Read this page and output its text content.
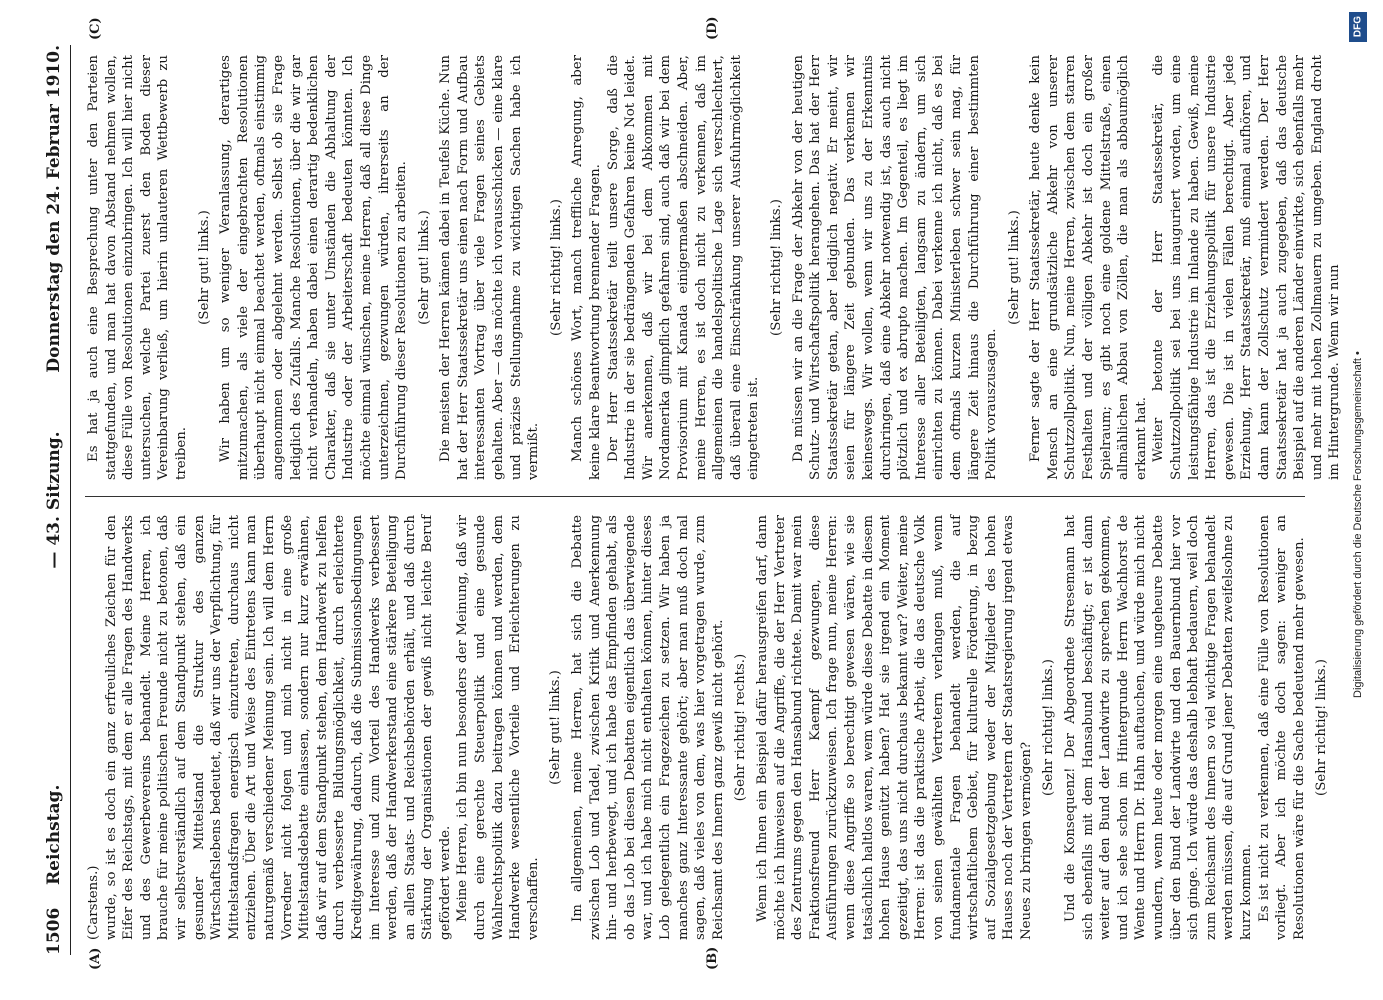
1506
Reichstag.
— 43. Sitzung.
Donnerstag den 24. Februar 1910.
(A)	(B)
(C)	(D)

(Carstens.) wurde, so ist es doch ein ganz erfreuliches Zeichen für den Eifer des Reichstags, mit dem er alle Fragen des Handwerks und des Gewerbevereins behandelt. Meine Herren, ich brauche für meine politischen Freunde nicht zu betonen, daß wir selbstverständlich auf dem Standpunkt stehen, daß ein gesunder Mittelstand die Struktur des ganzen Wirtschaftslebens bedeutet, daß wir uns der Verpflichtung, für Mittelstandsfragen energisch einzutreten, durchaus nicht entziehen. Über die Art und Weise des Eintretens kann man naturgemäß verschiedener Meinung sein. Ich will dem Herrn Vorredner nicht folgen und mich nicht in eine große Mittelstandsdebatte einlassen, sondern nur kurz erwähnen, daß wir auf dem Standpunkt stehen, dem Handwerk zu helfen durch verbesserte Bildungsmöglichkeit, durch erleichterte Kreditgewährung, dadurch, daß die Submissionsbedingungen im Interesse und zum Vorteil des Handwerks verbessert werden, daß der Handwerkerstand eine stärkere Beteiligung an allen Staats- und Reichsbehörden erhält, und daß durch Stärkung der Organisationen der gewiß nicht leichte Beruf gefördert werde. Meine Herren, ich bin nun besonders der Meinung, daß wir durch eine gerechte Steuerpolitik und eine gesunde Wahlrechtspolitik dazu beitragen können und werden, dem Handwerke wesentliche Vorteile und Erleichterungen zu verschaffen.

(Sehr gut! links.) Im allgemeinen, meine Herren, hat sich die Debatte zwischen Lob und Tadel, zwischen Kritik und Anerkennung hin- und herbewegt, und ich habe das Empfinden gehabt, als ob das Lob bei diesen Debatten eigentlich das überwiegende war, und ich habe mich nicht enthalten können, hinter dieses Lob gelegentlich ein Fragezeichen zu setzen. Wir haben ja manches ganz Interessante gehört; aber man muß doch mal sagen, daß vieles von dem, was hier vorgetragen wurde, zum Reichsamt des Innern ganz gewiß nicht gehört. (Sehr richtig! rechts.) Wenn ich Ihnen ein Beispiel dafür herausgreifen darf, dann möchte ich hinweisen auf die Angriffe, die der Herr Vertreter des Zentrums gegen den Hansabund richtete. Damit war mein Fraktionsfreund Herr Kaempf gezwungen, diese Ausführungen zurückzuweisen. Ich frage nun, meine Herren: wenn diese Angriffe so berechtigt gewesen wären, wie sie tatsächlich haltlos waren, wem würde diese Debatte in diesem hohen Hause genützt haben? Hat sie irgend ein Moment gezeitigt, das uns nicht durchaus bekannt war? Weiter, meine Herren: ist das die praktische Arbeit, die das deutsche Volk von seinen gewählten Vertretern verlangen muß, wenn fundamentale Fragen behandelt werden, die auf wirtschaftlichem Gebiet, für kulturelle Förderung, in bezug auf Sozialgesetzgebung weder der Mitglieder des hohen Hauses noch der Vertretern der Staatsregierung irgend etwas Neues zu bringen vermögen?

(Sehr richtig! links.) Und die Konsequenz! Der Abgeordnete Stresemann hat sich ebenfalls mit dem Hansabund beschäftigt; er ist dann weiter auf den Bund der Landwirte zu sprechen gekommen, und ich sehe schon im Hintergrunde Herrn Wachhorst de Wente und Herrn Dr. Hahn auftauchen, und würde mich nicht wundern, wenn heute oder morgen eine ungeheure Debatte über den Bund der Landwirte und den Bauernbund hier vor sich ginge. Ich würde das deshalb lebhaft bedauern, weil doch zum Reichsamt des Innern so viel wichtige Fragen behandelt werden müssen, die auf Grund jener Debatten zweifelsohne zu kurz kommen. Es ist nicht zu verkennen, daß eine Fülle von Resolutionen vorliegt. Aber ich möchte doch sagen: weniger an Resolutionen wäre für die Sache bedeutend mehr gewesen. (Sehr richtig! links.)

Es hat ja auch eine Besprechung unter den Parteien stattgefunden, und man hat davon Abstand nehmen wollen, diese Fülle von Resolutionen einzubringen. Ich will hier nicht untersuchen, welche Partei zuerst den Boden dieser Vereinbarung verließ, um hierin unlauteren Wettbewerb zu treiben.

(Sehr gut! links.) Wir haben um so weniger Veranlassung, derartiges mitzumachen, als viele der eingebrachten Resolutionen überhaupt nicht einmal beachtet werden, oftmals einstimmig angenommen oder abgelehnt werden. Selbst ob sie Frage lediglich des Zufalls. Manche Resolutionen, über die wir gar nicht verhandeln, haben dabei einen derartig bedenklichen Charakter, daß sie unter Umständen die Abhaltung der Industrie oder der Arbeiterschaft bedeuten könnten. Ich möchte einmal wünschen, meine Herren, daß all diese Dinge unterzeichnen, gezwungen würden, ihrerseits an der Durchführung dieser Resolutionen zu arbeiten. (Sehr gut! links.) Die meisten der Herren kämen dabei in Teufels Küche. Nun hat der Herr Staatssekretär uns einen nach Form und Aufbau interessanten Vortrag über viele Fragen seines Gebiets gehalten. Aber — das möchte ich vorausschicken — eine klare und präzise Stellungnahme zu wichtigen Sachen habe ich vermißt.

(Sehr richtig! links.) Manch schönes Wort, manch treffliche Anregung, aber keine klare Beantwortung brennender Fragen. Der Herr Staatssekretär teilt unsere Sorge, daß die Industrie in der sie bedrängenden Gefahren keine Not leidet. Wir anerkennen, daß wir bei dem Abkommen mit Nordamerika glimpflich gefahren sind, auch daß wir bei dem Provisorium mit Kanada einigermaßen abschneiden. Aber, meine Herren, es ist doch nicht zu verkennen, daß im allgemeinen die handelspolitische Lage sich verschlechtert, daß überall eine Einschränkung unserer Ausfuhrmöglichkeit eingetreten ist.

(Sehr richtig! links.) Da müssen wir an die Frage der Abkehr von der heutigen Schutz- und Wirtschaftspolitik herangehen. Das hat der Herr Staatssekretär getan, aber lediglich negativ. Er meint, wir seien für längere Zeit gebunden. Das verkennen wir keineswegs. Wir wollen, wenn wir uns zu der Erkenntnis durchringen, daß eine Abkehr notwendig ist, das auch nicht plötzlich und ex abrupto machen. Im Gegenteil, es liegt im Interesse aller Beteiligten, langsam zu ändern, um sich einrichten zu können. Dabei verkenne ich nicht, daß es bei dem oftmals kurzen Ministerleben schwer sein mag, für längere Zeit hinaus die Durchführung einer bestimmten Politik vorauszusagen.

(Sehr gut! links.) Ferner sagte der Herr Staatssekretär, heute denke kein Mensch an eine grundsätzliche Abkehr von unserer Schutzzollpolitik. Nun, meine Herren, zwischen dem starren Festhalten und der völligen Abkehr ist doch ein großer Spielraum; es gibt noch eine goldene Mittelstraße, einen allmählichen Abbau von Zöllen, die man als abbaumöglich erkannt hat. Weiter betonte der Herr Staatssekretär, die Schutzzollpolitik sei bei uns inauguriert worden, um eine leistungsfähige Industrie im Inlande zu haben. Gewiß, meine Herren, das ist die Erziehungspolitik für unsere Industrie gewesen. Die ist in vielen Fällen berechtigt. Aber jede Erziehung, Herr Staatssekretär, muß einmal aufhören, und dann kann der Zollschutz vermindert werden. Der Herr Staatssekretär hat ja auch zugegeben, daß das deutsche Beispiel auf die anderen Länder einwirkte, sich ebenfalls mehr und mehr mit hohen Zollmauern zu umgeben. England droht im Hintergrunde. Wenn wir nun

DFG
Digitalisierung gefördert durch die Deutsche Forschungsgemeinschaft •
